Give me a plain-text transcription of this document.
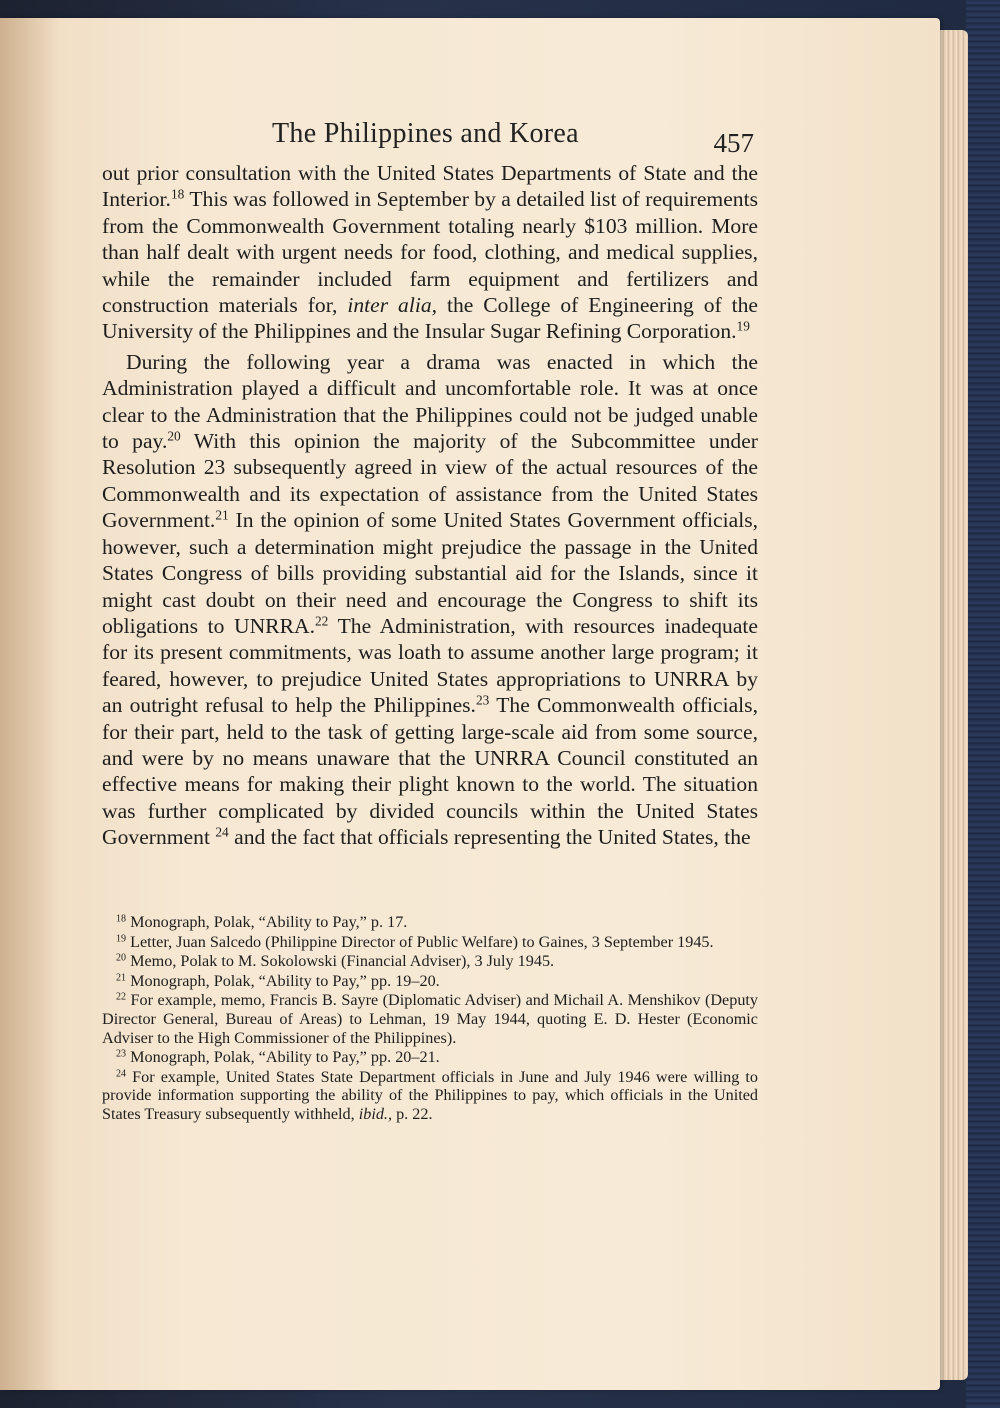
The Philippines and Korea	457

out prior consultation with the United States Departments of State and the Interior.$^{18}$ This was followed in September by a detailed list of requirements from the Commonwealth Government totaling nearly $103 million. More than half dealt with urgent needs for food, clothing, and medical supplies, while the remainder included farm equipment and fertilizers and construction materials for, inter alia, the College of Engineering of the University of the Philippines and the Insular Sugar Refining Corporation.$^{19}$

During the following year a drama was enacted in which the Administration played a difficult and uncomfortable role. It was at once clear to the Administration that the Philippines could not be judged unable to pay.$^{20}$ With this opinion the majority of the Subcommittee under Resolution 23 subsequently agreed in view of the actual resources of the Commonwealth and its expectation of assistance from the United States Government.$^{21}$ In the opinion of some United States Government officials, however, such a determination might prejudice the passage in the United States Congress of bills providing substantial aid for the Islands, since it might cast doubt on their need and encourage the Congress to shift its obligations to UNRRA.$^{22}$ The Administration, with resources inadequate for its present commitments, was loath to assume another large program; it feared, however, to prejudice United States appropriations to UNRRA by an outright refusal to help the Philippines.$^{23}$ The Commonwealth officials, for their part, held to the task of getting large-scale aid from some source, and were by no means unaware that the UNRRA Council constituted an effective means for making their plight known to the world. The situation was further complicated by divided councils within the United States Government $^{24}$ and the fact that officials representing the United States, the

$^{18}$ Monograph, Polak, “Ability to Pay,” p. 17.

$^{19}$ Letter, Juan Salcedo (Philippine Director of Public Welfare) to Gaines, 3 September 1945.

$^{20}$ Memo, Polak to M. Sokolowski (Financial Adviser), 3 July 1945.

$^{21}$ Monograph, Polak, “Ability to Pay,” pp. 19–20.

$^{22}$ For example, memo, Francis B. Sayre (Diplomatic Adviser) and Michail A. Menshikov (Deputy Director General, Bureau of Areas) to Lehman, 19 May 1944, quoting E. D. Hester (Economic Adviser to the High Commissioner of the Philippines).

$^{23}$ Monograph, Polak, “Ability to Pay,” pp. 20–21.

$^{24}$ For example, United States State Department officials in June and July 1946 were willing to provide information supporting the ability of the Philippines to pay, which officials in the United States Treasury subsequently withheld, ibid., p. 22.
